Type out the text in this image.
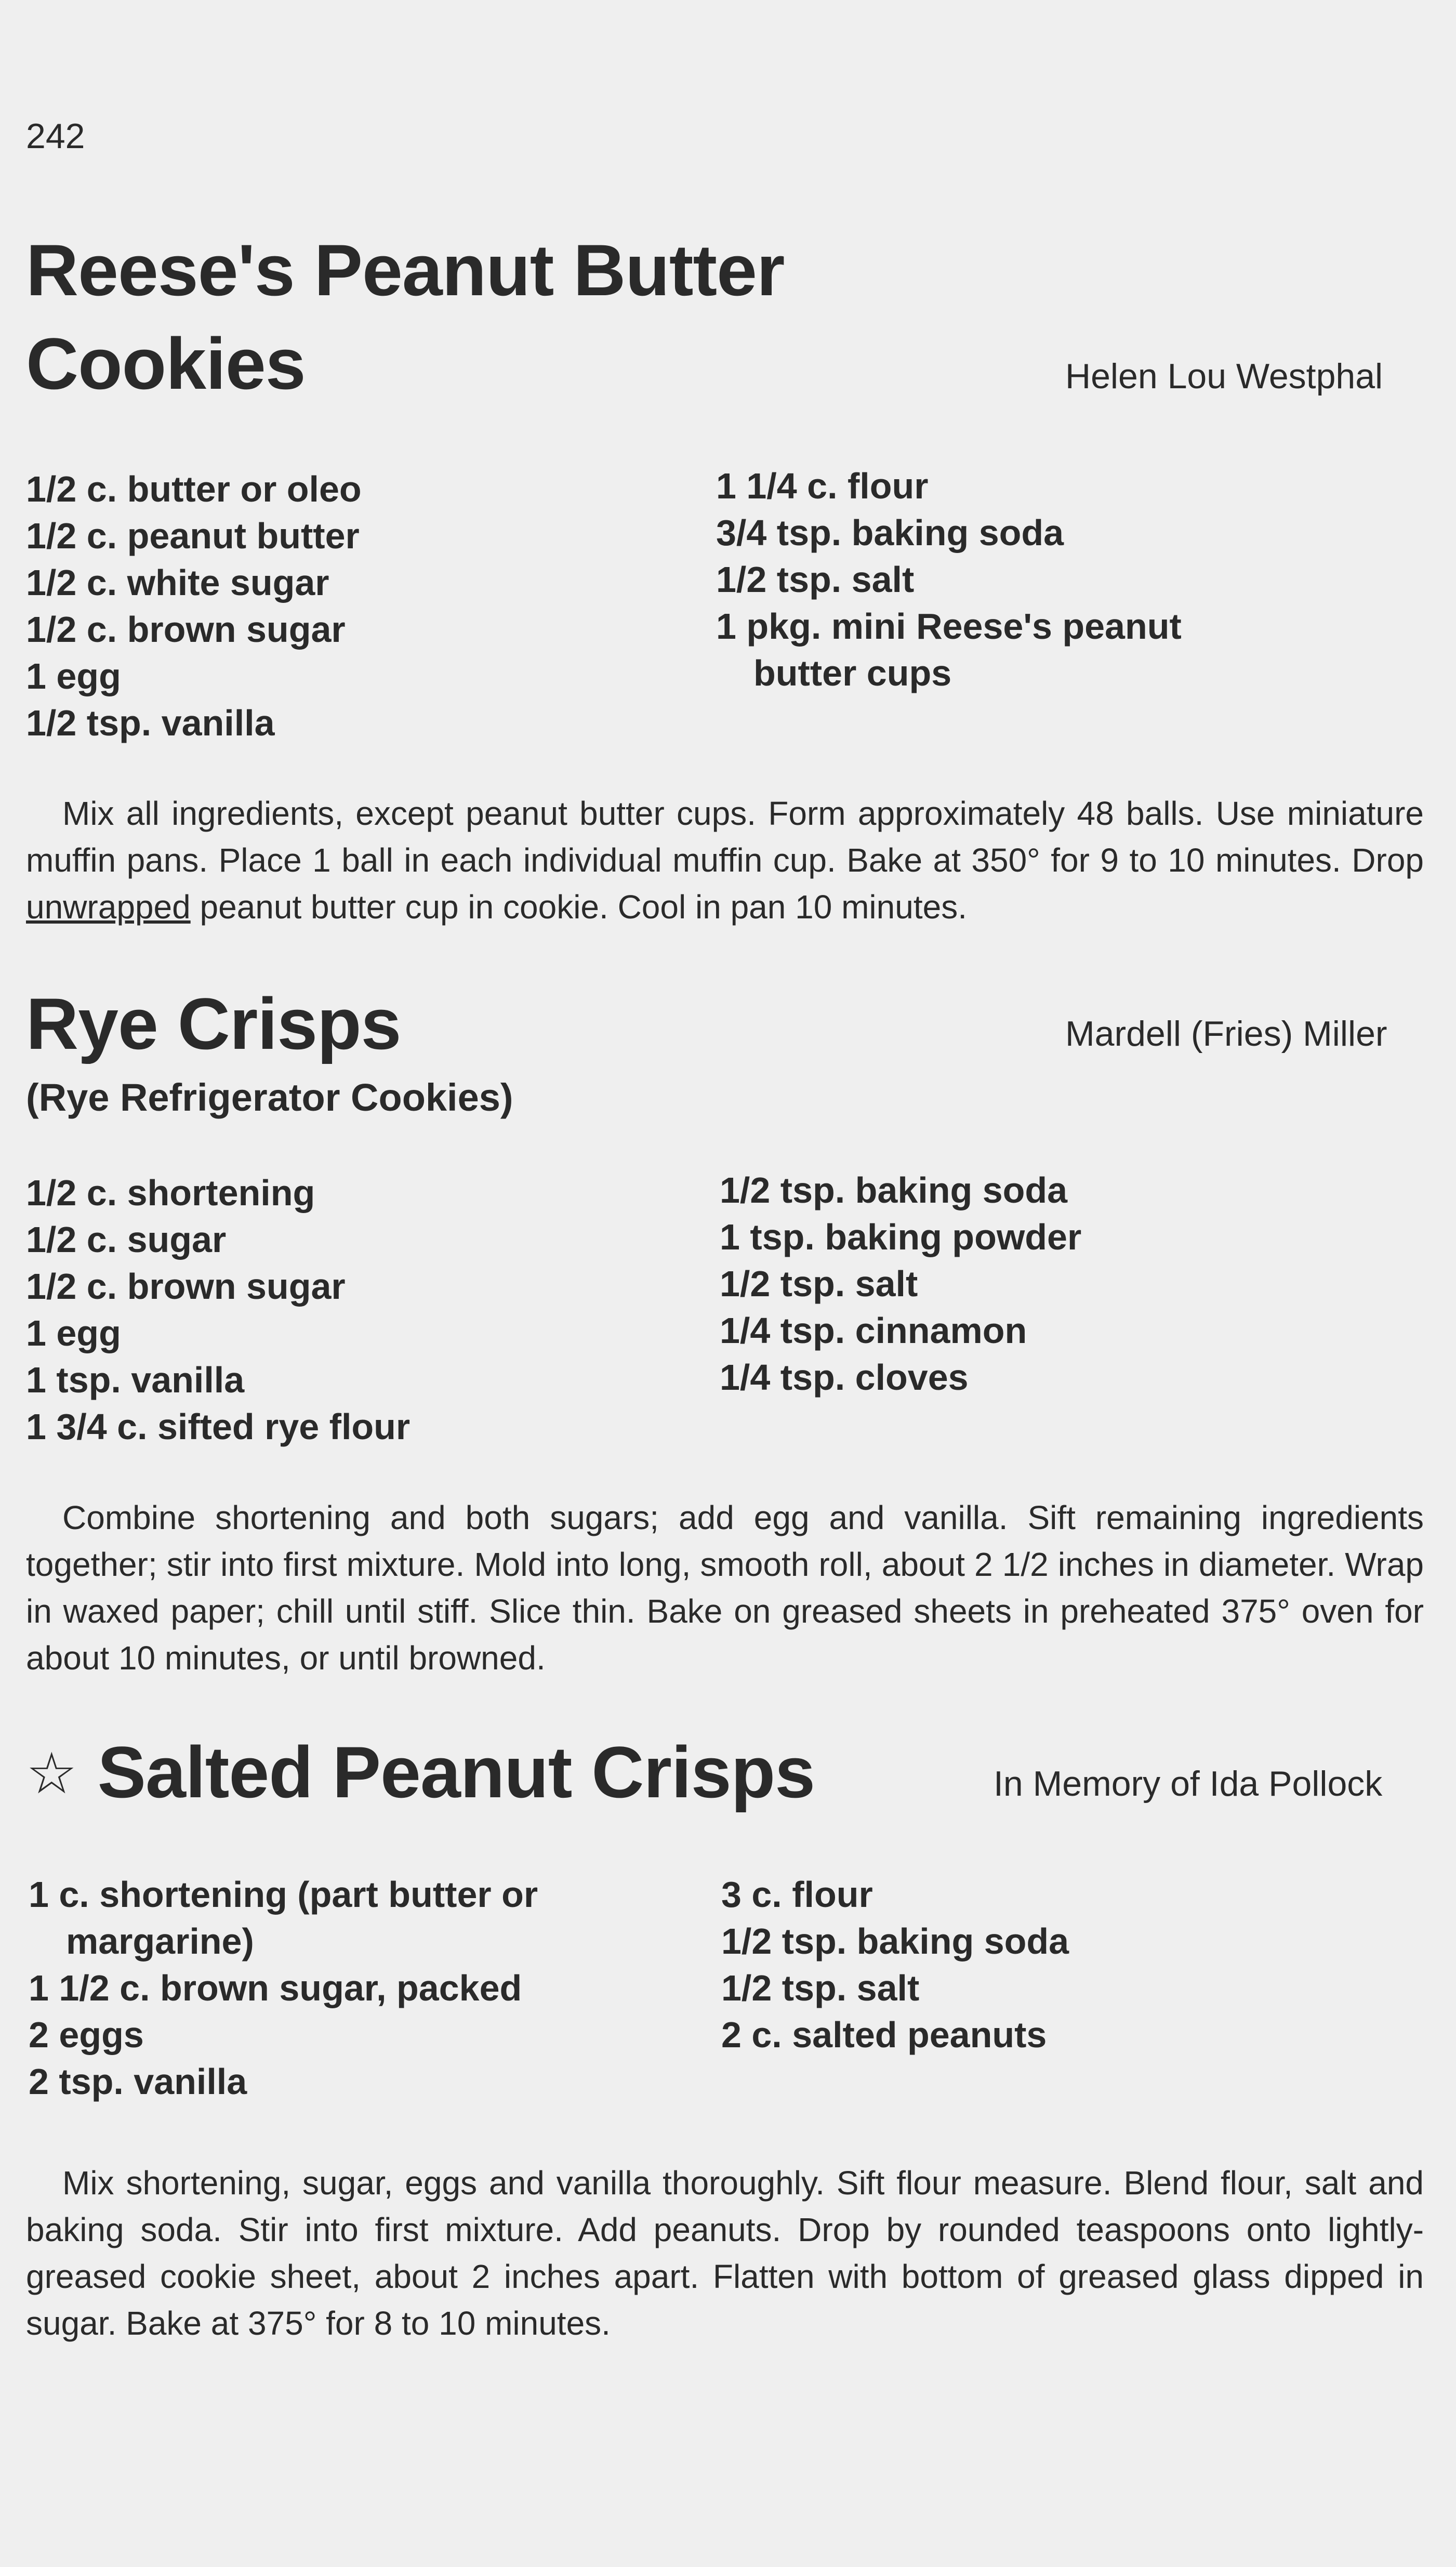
242
Reese's Peanut Butter
Cookies	Helen Lou Westphal
1/2 c. butter or oleo
1/2 c. peanut butter
1/2 c. white sugar
1/2 c. brown sugar
1 egg
1/2 tsp. vanilla
1 1/4 c. flour
3/4 tsp. baking soda
1/2 tsp. salt
1 pkg. mini Reese's peanut
butter cups

Mix all ingredients, except peanut butter cups. Form approximately 48 balls. Use miniature muffin pans. Place 1 ball in each individual muffin cup. Bake at 350° for 9 to 10 minutes. Drop unwrapped peanut butter cup in cookie. Cool in pan 10 minutes.

Rye Crisps	Mardell (Fries) Miller
(Rye Refrigerator Cookies)
1/2 c. shortening
1/2 c. sugar
1/2 c. brown sugar
1 egg
1 tsp. vanilla
1 3/4 c. sifted rye flour
1/2 tsp. baking soda
1 tsp. baking powder
1/2 tsp. salt
1/4 tsp. cinnamon
1/4 tsp. cloves

Combine shortening and both sugars; add egg and vanilla. Sift remaining ingredients together; stir into first mixture. Mold into long, smooth roll, about 2 1/2 inches in diameter. Wrap in waxed paper; chill until stiff. Slice thin. Bake on greased sheets in preheated 375° oven for about 10 minutes, or until browned.

☆ Salted Peanut Crisps	In Memory of Ida Pollock
1 c. shortening (part butter or
margarine)
1 1/2 c. brown sugar, packed
2 eggs
2 tsp. vanilla
3 c. flour
1/2 tsp. baking soda
1/2 tsp. salt
2 c. salted peanuts

Mix shortening, sugar, eggs and vanilla thoroughly. Sift flour measure. Blend flour, salt and baking soda. Stir into first mixture. Add peanuts. Drop by rounded teaspoons onto lightly-greased cookie sheet, about 2 inches apart. Flatten with bottom of greased glass dipped in sugar. Bake at 375° for 8 to 10 minutes.
